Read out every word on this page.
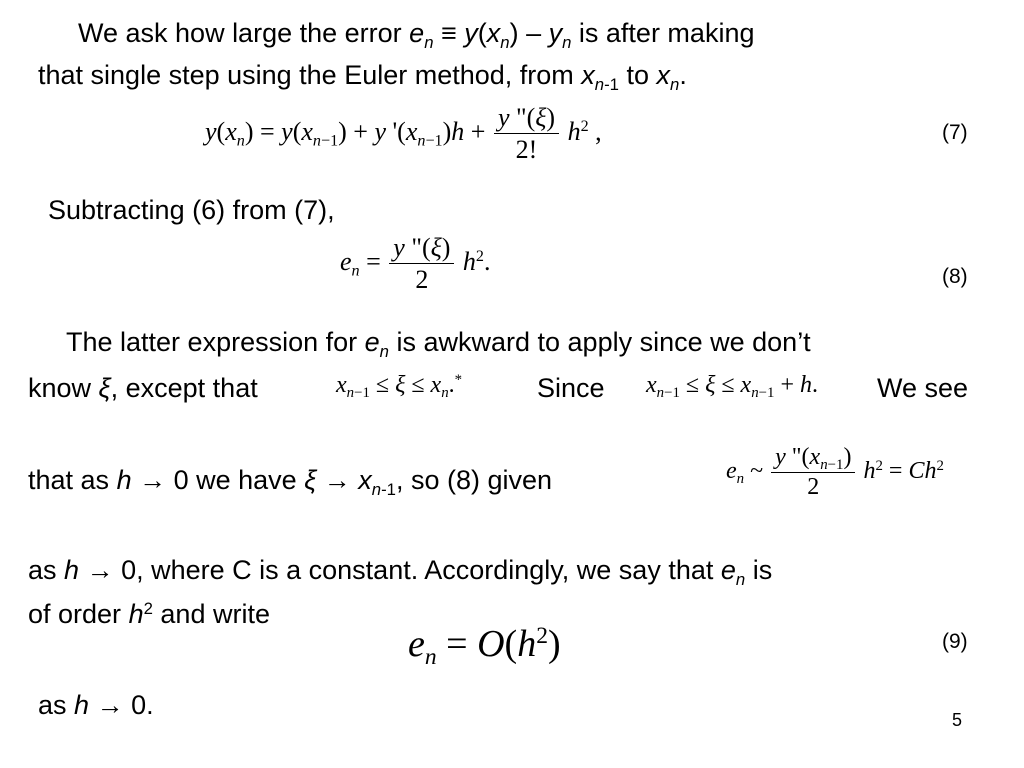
We ask how large the error $e_n \equiv y(x_n) - y_n$ is after making
that single step using the Euler method, from $x_{n-1}$ to $x_n$.
$y(x_n) = y(x_{n-1}) + y$ '$(x_{n-1})h + \frac{y "(\xi)}{2!} h^2$ ,	(7)
Subtracting (6) from (7),
$e_n = \frac{y "(\xi)}{2} h^2$.
(8)
The latter expression for $e_n$ is awkward to apply since we don’t
know ξ, except that	$x_{n-1} \le \xi \le x_n.^*$	Since $x_{n-1} \le \xi \le x_{n-1} + h$. We see
that as h → 0 we have $\xi \to x_{n-1}$, so (8) given	$e_n$ ~ $\frac{y "(x_{n-1})}{2} h^2 = Ch^2$
as h → 0, where C is a constant. Accordingly, we say that $e_n$ is
of order $h^2$ and write
$e_n = O(h^2)$	(9)
as h → 0.	5
